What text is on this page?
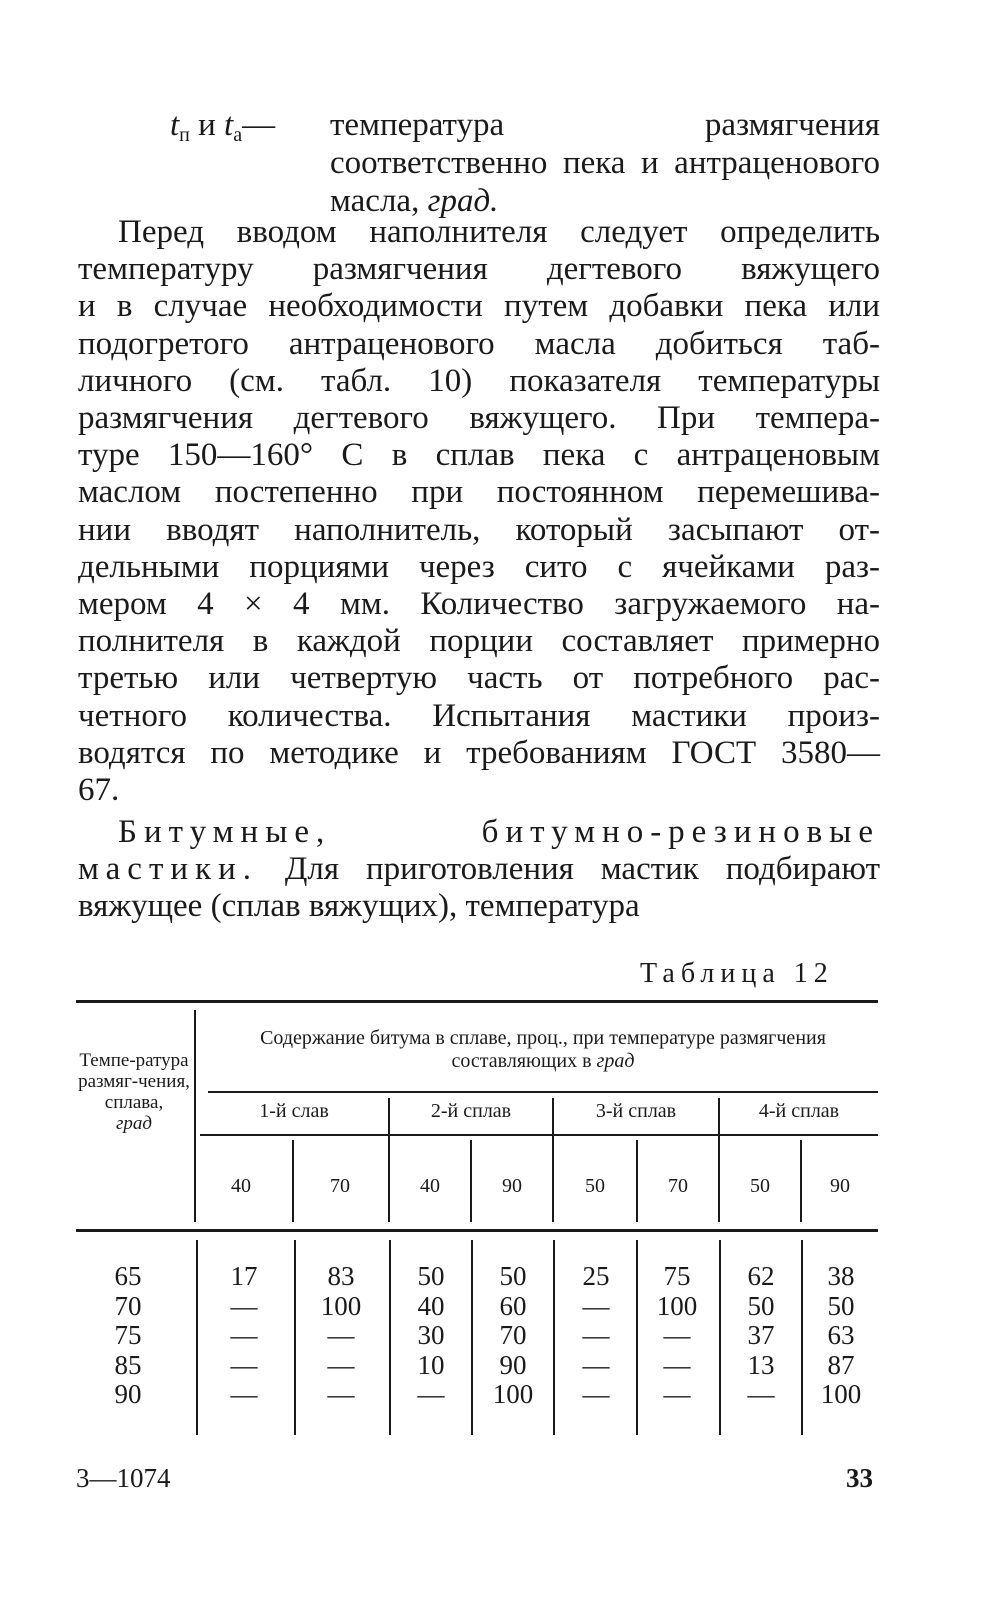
$t_п$ и $t_а—$ температура размягчения соответственно пека и антраценового масла, град.
Перед вводом наполнителя следует определить
температуру размягчения дегтевого вяжущего
и в случае необходимости путем добавки пека или
подогретого антраценового масла добиться таб-
личного (см. табл. 10) показателя температуры
размягчения дегтевого вяжущего. При темпера-
туре 150—160° С в сплав пека с антраценовым
маслом постепенно при постоянном перемешива-
нии вводят наполнитель, который засыпают от-
дельными порциями через сито с ячейками раз-
мером 4 × 4 мм. Количество загружаемого на-
полнителя в каждой порции составляет примерно
третью или четвертую часть от потребного рас-
четного количества. Испытания мастики произ-
водятся по методике и требованиям ГОСТ 3580—
67.
Битумные, битумно-резиновые мастики. Для приготовления мастик подбирают вяжущее (сплав вяжущих), температура
Таблица 12
Темпе-ратура размяг-чения, сплава,
град
Содержание битума в сплаве, проц., при температуре размягчения составляющих в град
1-й слав	2-й сплав	3-й сплав	4-й сплав
40	70	40	90	50	70	50	90
65	17	83	50	50	25	75	62	38
70	—	100	40	60	—	100	50	50
75	—	—	30	70	—	—	37	63
85	—	—	10	90	—	—	13	87
90	—	—	—	100	—	—	—	100
3—1074	33
